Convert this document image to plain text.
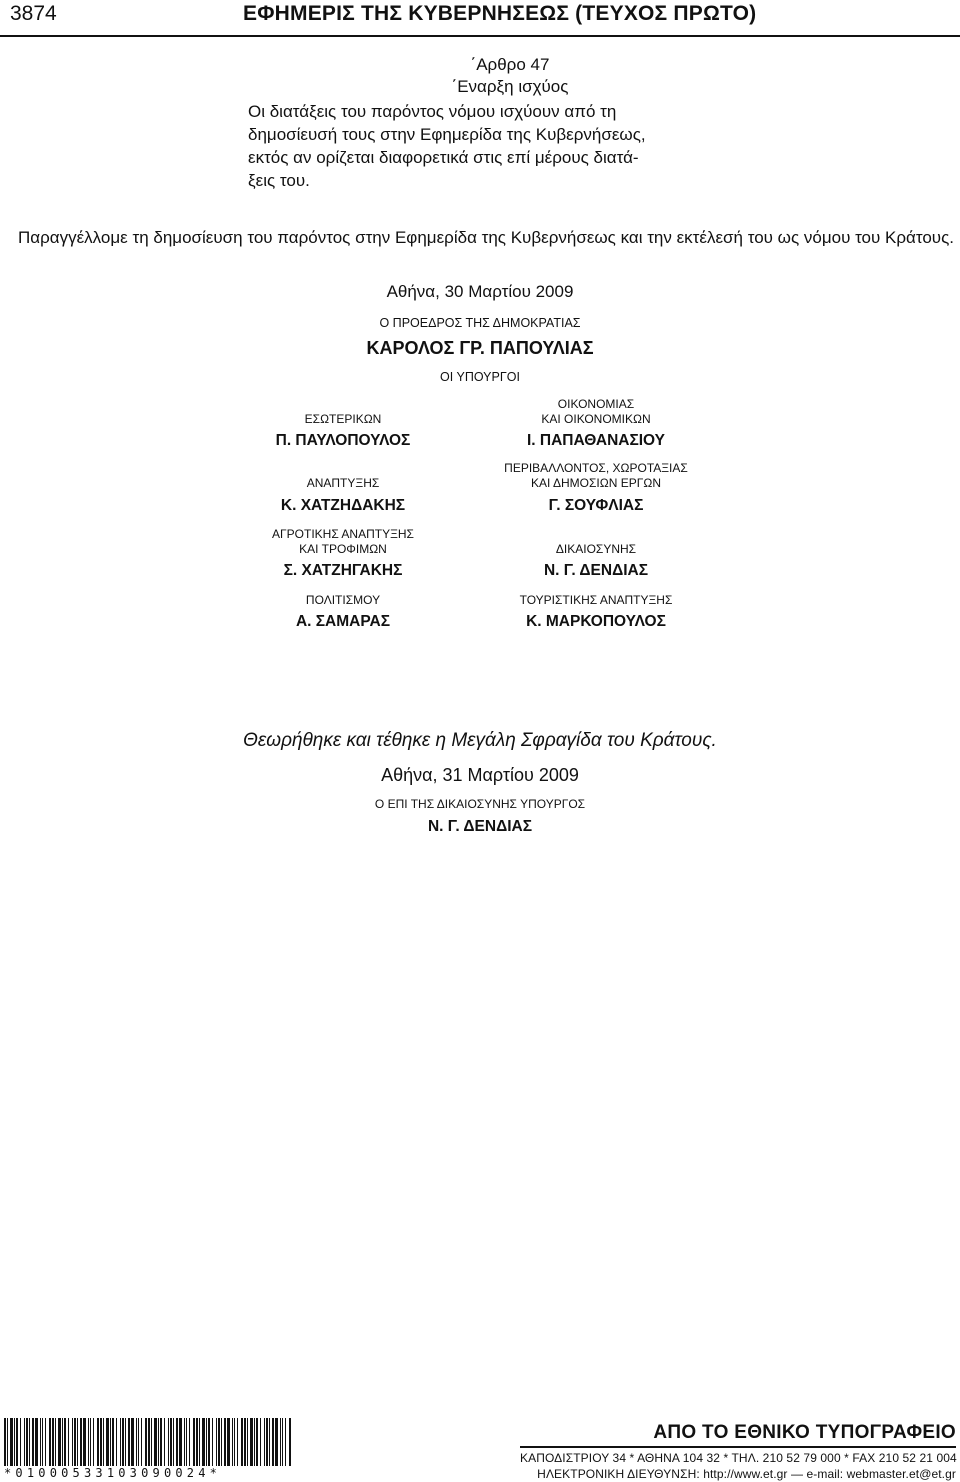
3874	ΕΦΗΜΕΡΙΣ ΤΗΣ ΚΥΒΕΡΝΗΣΕΩΣ (ΤΕΥΧΟΣ ΠΡΩΤΟ)
΄Αρθρο 47
΄Εναρξη ισχύος
Οι διατάξεις του παρόντος νόμου ισχύουν από τη
δημοσίευσή τους στην Εφημερίδα της Κυβερνήσεως,
εκτός αν ορίζεται διαφορετικά στις επί μέρους διατά-
ξεις του.
Παραγγέλλομε τη δημοσίευση του παρόντος στην Εφημερίδα της Κυβερνήσεως και την εκτέλεσή του ως νόμου του Κράτους.
Αθήνα, 30 Μαρτίου 2009
Ο ΠΡΟΕΔΡΟΣ ΤΗΣ ΔΗΜΟΚΡΑΤΙΑΣ
ΚΑΡΟΛΟΣ ΓΡ. ΠΑΠΟΥΛΙΑΣ
ΟΙ ΥΠΟΥΡΓΟΙ
ΕΣΩΤΕΡΙΚΩΝ
Π. ΠΑΥΛΟΠΟΥΛΟΣ
ΑΝΑΠΤΥΞΗΣ
Κ. ΧΑΤΖΗΔΑΚΗΣ
ΑΓΡΟΤΙΚΗΣ ΑΝΑΠΤΥΞΗΣ
ΚΑΙ ΤΡΟΦΙΜΩΝ
Σ. ΧΑΤΖΗΓΑΚΗΣ
ΠΟΛΙΤΙΣΜΟΥ
Α. ΣΑΜΑΡΑΣ
ΟΙΚΟΝΟΜΙΑΣ
ΚΑΙ ΟΙΚΟΝΟΜΙΚΩΝ
Ι. ΠΑΠΑΘΑΝΑΣΙΟΥ
ΠΕΡΙΒΑΛΛΟΝΤΟΣ, ΧΩΡΟΤΑΞΙΑΣ
ΚΑΙ ΔΗΜΟΣΙΩΝ ΕΡΓΩΝ
Γ. ΣΟΥΦΛΙΑΣ
ΔΙΚΑΙΟΣΥΝΗΣ
Ν. Γ. ΔΕΝΔΙΑΣ
ΤΟΥΡΙΣΤΙΚΗΣ ΑΝΑΠΤΥΞΗΣ
Κ. ΜΑΡΚΟΠΟΥΛΟΣ
Θεωρήθηκε και τέθηκε η Μεγάλη Σφραγίδα του Κράτους.
Αθήνα, 31 Μαρτίου 2009
Ο ΕΠΙ ΤΗΣ ΔΙΚΑΙΟΣΥΝΗΣ ΥΠΟΥΡΓΟΣ
Ν. Γ. ΔΕΝΔΙΑΣ
*01000533103090024*
ΑΠΟ ΤΟ ΕΘΝΙΚΟ ΤΥΠΟΓΡΑΦΕΙΟ
ΚΑΠΟΔΙΣΤΡΙΟΥ 34 * ΑΘΗΝΑ 104 32 * ΤΗΛ. 210 52 79 000 * FAX 210 52 21 004
ΗΛΕΚΤΡΟΝΙΚΗ ΔΙΕΥΘΥΝΣΗ: http://www.et.gr — e-mail: webmaster.et@et.gr
